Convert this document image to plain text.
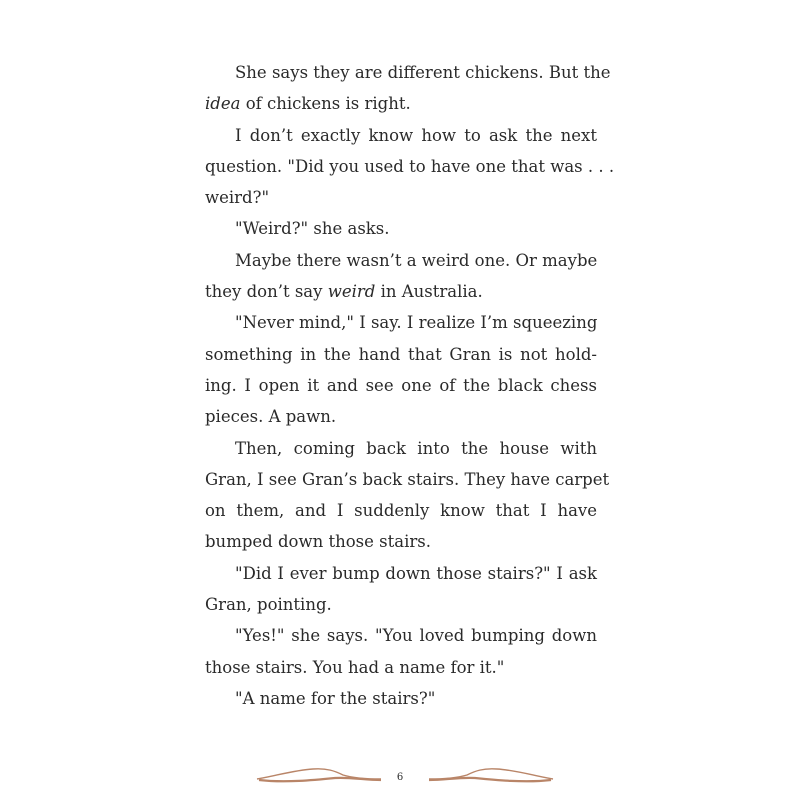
She says they are different chickens. But the
idea of chickens is right.
I don’t exactly know how to ask the next
question. "Did you used to have one that was . . .
weird?"
"Weird?" she asks.
Maybe there wasn’t a weird one. Or maybe
they don’t say weird in Australia.
"Never mind," I say. I realize I’m squeezing
something in the hand that Gran is not hold-
ing. I open it and see one of the black chess
pieces. A pawn.
Then, coming back into the house with
Gran, I see Gran’s back stairs. They have carpet
on them, and I suddenly know that I have
bumped down those stairs.
"Did I ever bump down those stairs?" I ask
Gran, pointing.
"Yes!" she says. "You loved bumping down
those stairs. You had a name for it."
"A name for the stairs?"
6
